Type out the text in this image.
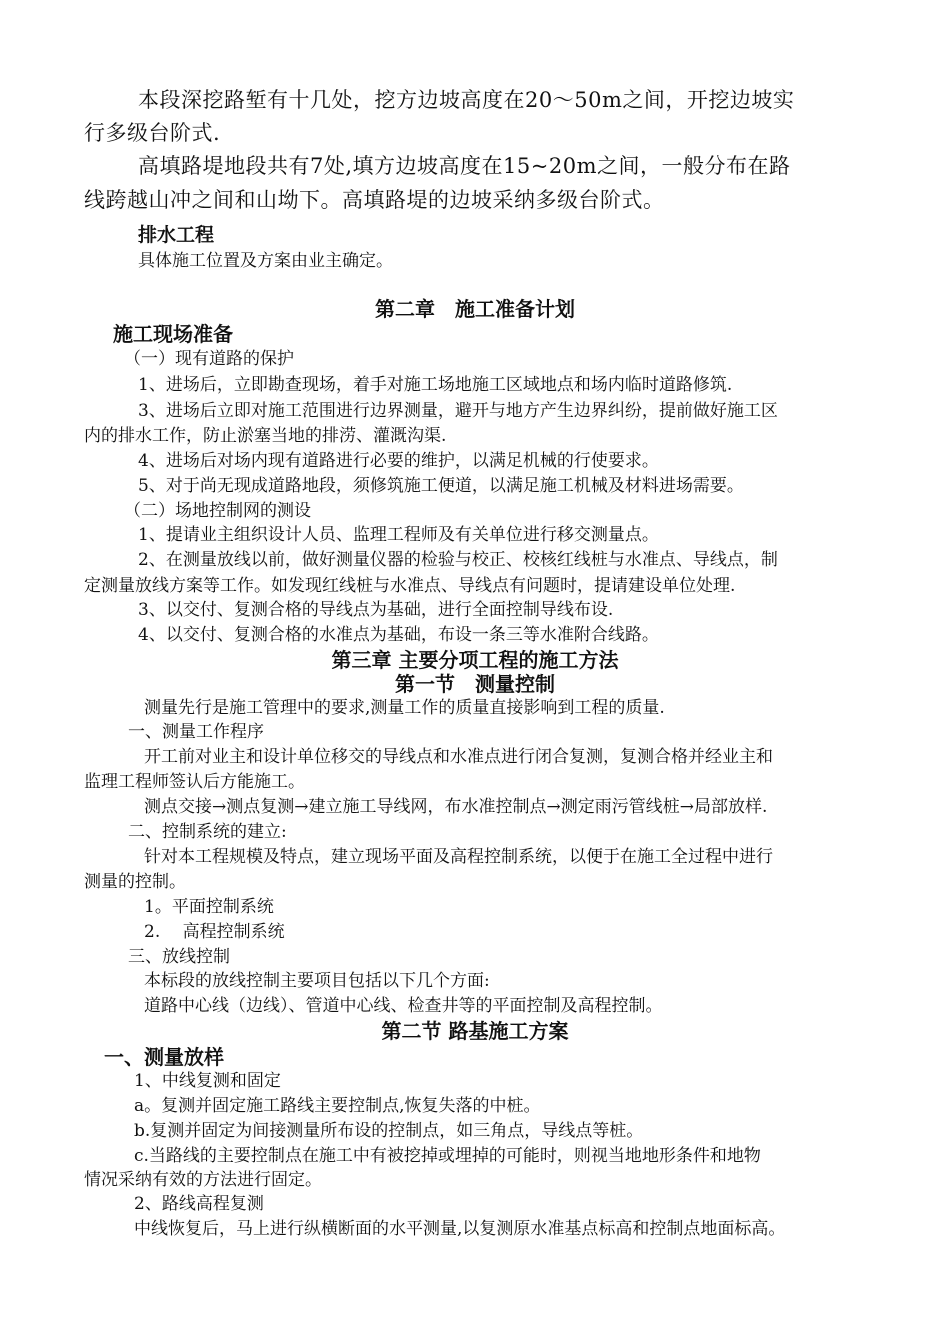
本段深挖路堑有十几处，挖方边坡高度在20～50m之间，开挖边坡实
行多级台阶式.
高填路堤地段共有7处,填方边坡高度在15~20m之间，一般分布在路
线跨越山冲之间和山坳下。高填路堤的边坡采纳多级台阶式。
排水工程
具体施工位置及方案由业主确定。
第二章　施工准备计划
施工现场准备
（一）现有道路的保护
1、进场后，立即勘查现场，着手对施工场地施工区域地点和场内临时道路修筑.
3、进场后立即对施工范围进行边界测量，避开与地方产生边界纠纷，提前做好施工区
内的排水工作，防止淤塞当地的排涝、灌溉沟渠.
4、进场后对场内现有道路进行必要的维护，以满足机械的行使要求。
5、对于尚无现成道路地段，须修筑施工便道，以满足施工机械及材料进场需要。
（二）场地控制网的测设
1、提请业主组织设计人员、监理工程师及有关单位进行移交测量点。
2、在测量放线以前，做好测量仪器的检验与校正、校核红线桩与水准点、导线点，制
定测量放线方案等工作。如发现红线桩与水准点、导线点有问题时，提请建设单位处理.
3、以交付、复测合格的导线点为基础，进行全面控制导线布设.
4、以交付、复测合格的水准点为基础，布设一条三等水准附合线路。
第三章 主要分项工程的施工方法
第一节　测量控制
测量先行是施工管理中的要求,测量工作的质量直接影响到工程的质量.
一、测量工作程序
开工前对业主和设计单位移交的导线点和水准点进行闭合复测，复测合格并经业主和
监理工程师签认后方能施工。
测点交接→测点复测→建立施工导线网，布水准控制点→测定雨污管线桩→局部放样.
二、控制系统的建立:
针对本工程规模及特点，建立现场平面及高程控制系统，以便于在施工全过程中进行
测量的控制。
1。平面控制系统
2.　 高程控制系统
三、放线控制
本标段的放线控制主要项目包括以下几个方面:
道路中心线（边线）、管道中心线、检查井等的平面控制及高程控制。
第二节 路基施工方案
一、测量放样
1、中线复测和固定
a。复测并固定施工路线主要控制点,恢复失落的中桩。
b.复测并固定为间接测量所布设的控制点，如三角点，导线点等桩。
c.当路线的主要控制点在施工中有被挖掉或埋掉的可能时，则视当地地形条件和地物
情况采纳有效的方法进行固定。
2、路线高程复测
中线恢复后，马上进行纵横断面的水平测量,以复测原水准基点标高和控制点地面标高。
